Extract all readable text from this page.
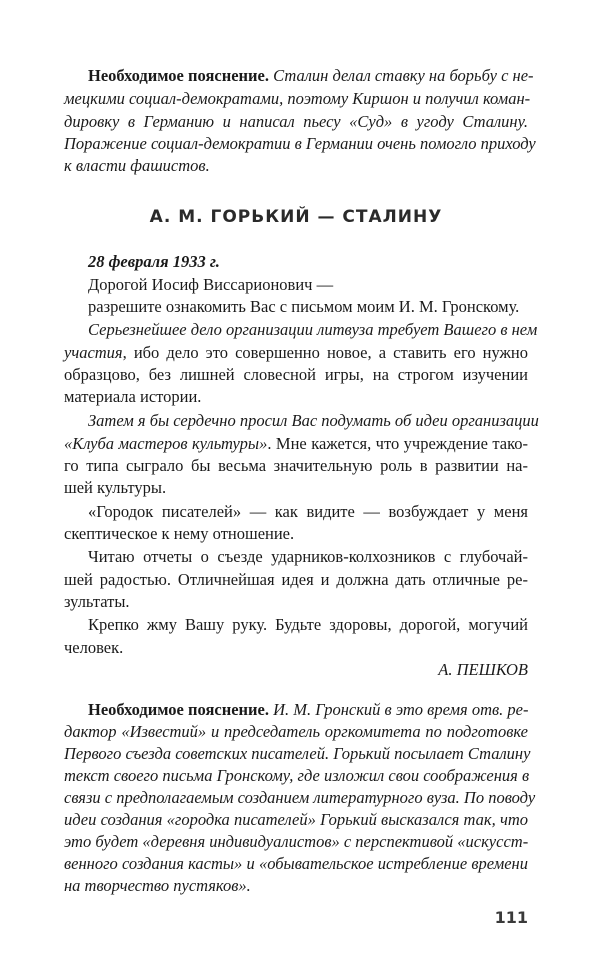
Необходимое пояснение. Сталин делал ставку на борьбу с не-

мецкими социал-демократами, поэтому Киршон и получил коман-

дировку в Германию и написал пьесу «Суд» в угоду Сталину.

Поражение социал-демократии в Германии очень помогло приходу

к власти фашистов.

А. М. ГОРЬКИЙ — СТАЛИНУ

28 февраля 1933 г.

Дорогой Иосиф Виссарионович —

разрешите ознакомить Вас с письмом моим И. М. Гронскому.

Серьезнейшее дело организации литвуза требует Вашего в нем

участия, ибо дело это совершенно новое, а ставить его нужно

образцово, без лишней словесной игры, на строгом изучении

материала истории.

Затем я бы сердечно просил Вас подумать об идеи организации

«Клуба мастеров культуры». Мне кажется, что учреждение тако-

го типа сыграло бы весьма значительную роль в развитии на-

шей культуры.

«Городок писателей» — как видите — возбуждает у меня

скептическое к нему отношение.

Читаю отчеты о съезде ударников-колхозников с глубочай-

шей радостью. Отличнейшая идея и должна дать отличные ре-

зультаты.

Крепко жму Вашу руку. Будьте здоровы, дорогой, могучий

человек.

А. ПЕШКОВ

Необходимое пояснение. И. М. Гронский в это время отв. ре-

дактор «Известий» и председатель оргкомитета по подготовке

Первого съезда советских писателей. Горький посылает Сталину

текст своего письма Гронскому, где изложил свои соображения в

связи с предполагаемым созданием литературного вуза. По поводу

идеи создания «городка писателей» Горький высказался так, что

это будет «деревня индивидуалистов» с перспективой «искусст-

венного создания касты» и «обывательское истребление времени

на творчество пустяков».

111
